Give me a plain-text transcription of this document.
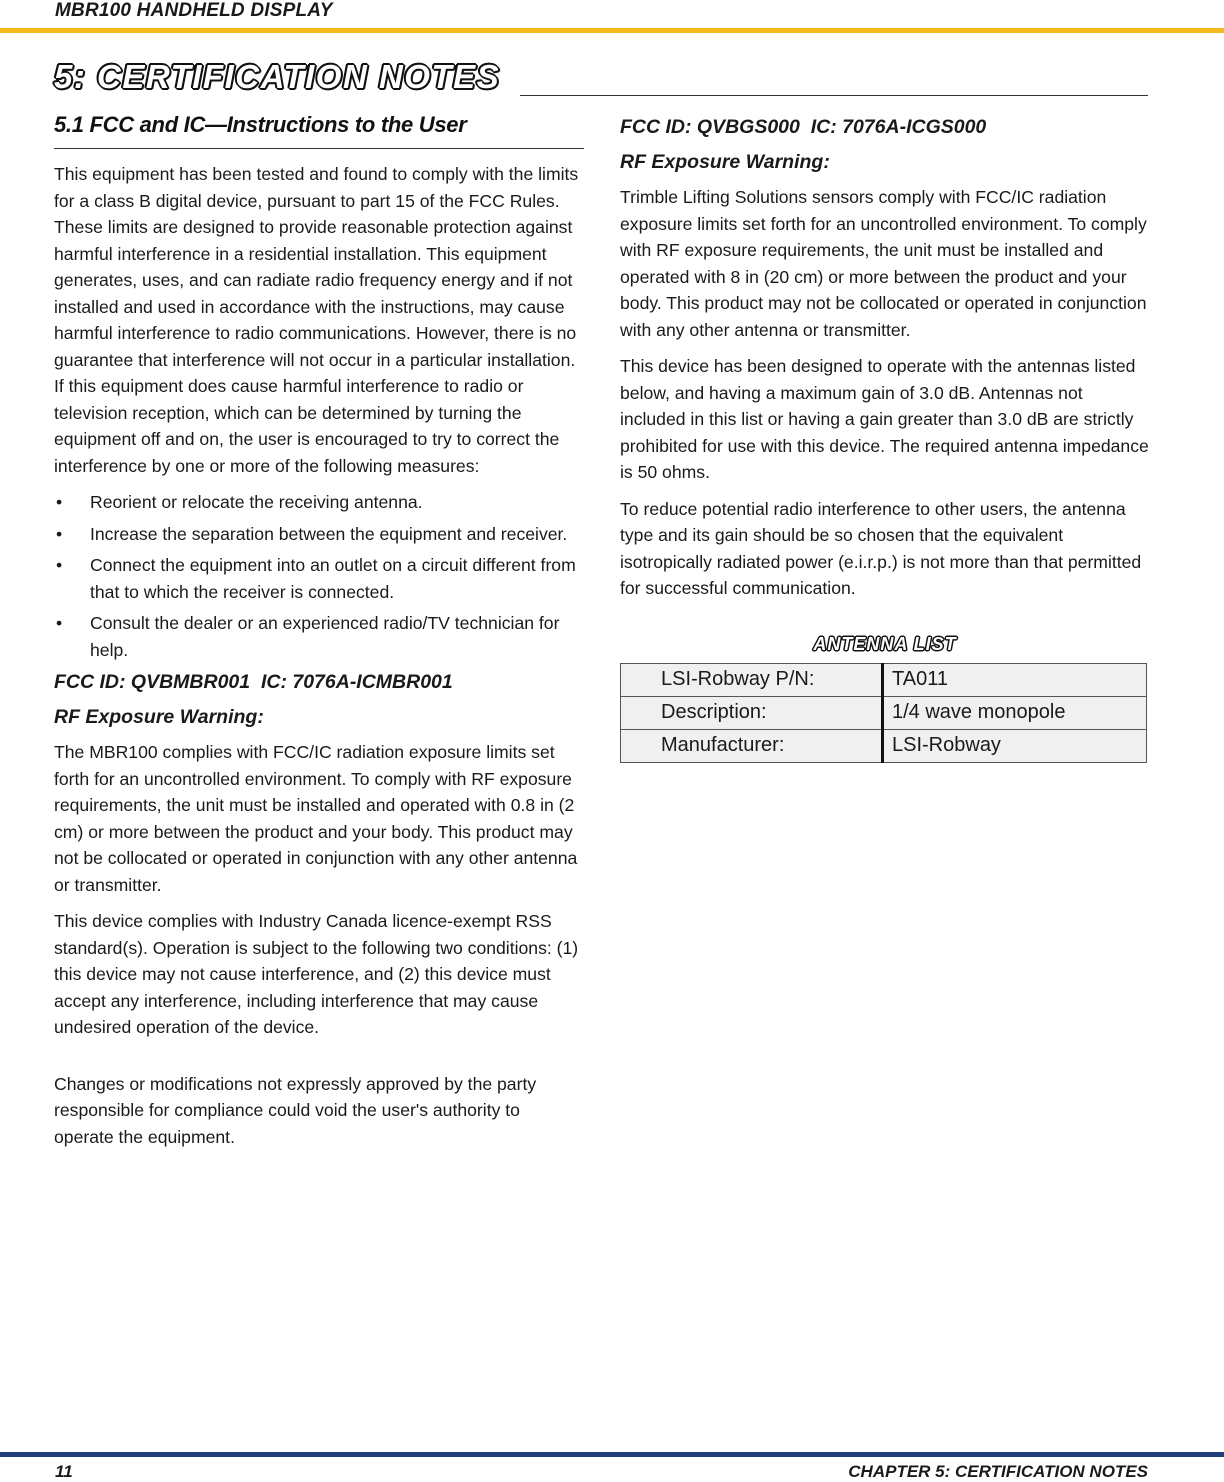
MBR100 HANDHELD DISPLAY
5: CERTIFICATION NOTES
5.1 FCC and IC—Instructions to the User

This equipment has been tested and found to comply with the limits for a class B digital device, pursuant to part 15 of the FCC Rules. These limits are designed to provide reasonable protection against harmful interference in a residential installation. This equipment generates, uses, and can radiate radio frequency energy and if not installed and used in accordance with the instructions, may cause harmful interference to radio communications. However, there is no guarantee that interference will not occur in a particular installation. If this equipment does cause harmful interference to radio or television reception, which can be determined by turning the equipment off and on, the user is encouraged to try to correct the interference by one or more of the following measures:

• Reorient or relocate the receiving antenna.
• Increase the separation between the equipment and receiver.
• Connect the equipment into an outlet on a circuit different from that to which the receiver is connected.
• Consult the dealer or an experienced radio/TV technician for help.
FCC ID: QVBMBR001  IC: 7076A-ICMBR001
RF Exposure Warning:

The MBR100 complies with FCC/IC radiation exposure limits set forth for an uncontrolled environment. To comply with RF exposure requirements, the unit must be installed and operated with 0.8 in (2 cm) or more between the product and your body. This product may not be collocated or operated in conjunction with any other antenna or transmitter.

This device complies with Industry Canada licence-exempt RSS standard(s). Operation is subject to the following two conditions: (1) this device may not cause interference, and (2) this device must accept any interference, including interference that may cause undesired operation of the device.

Changes or modifications not expressly approved by the party responsible for compliance could void the user's authority to operate the equipment.

FCC ID: QVBGS000  IC: 7076A-ICGS000
RF Exposure Warning:

Trimble Lifting Solutions sensors comply with FCC/IC radiation exposure limits set forth for an uncontrolled environment. To comply with RF exposure requirements, the unit must be installed and operated with 8 in (20 cm) or more between the product and your body. This product may not be collocated or operated in conjunction with any other antenna or transmitter.

This device has been designed to operate with the antennas listed below, and having a maximum gain of 3.0 dB. Antennas not included in this list or having a gain greater than 3.0 dB are strictly prohibited for use with this device. The required antenna impedance is 50 ohms.

To reduce potential radio interference to other users, the antenna type and its gain should be so chosen that the equivalent isotropically radiated power (e.i.r.p.) is not more than that permitted for successful communication.

ANTENNA LIST
LSI-Robway P/N:	TA011
Description:	1/4 wave monopole
Manufacturer:	LSI-Robway
11	CHAPTER 5: CERTIFICATION NOTES
